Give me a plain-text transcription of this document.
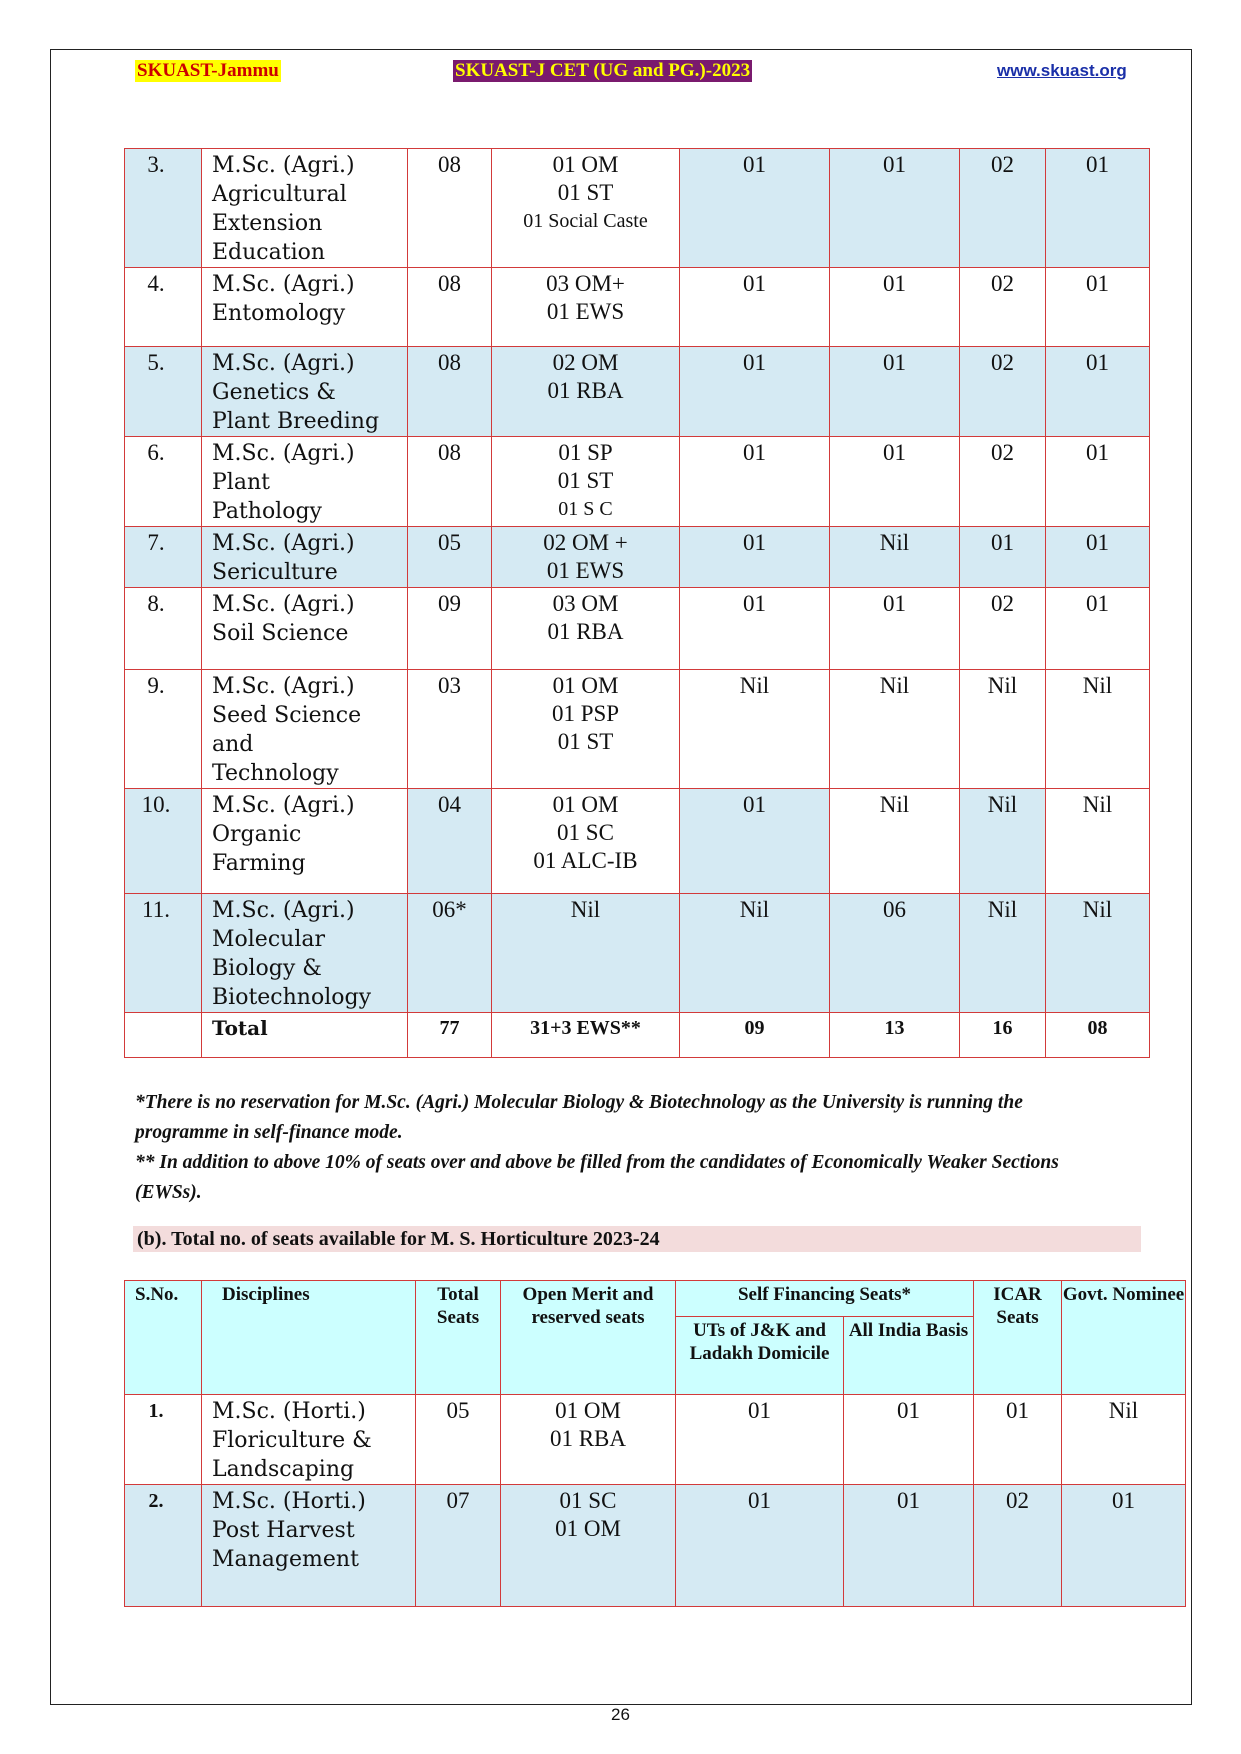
SKUAST-Jammu	SKUAST-J CET (UG and PG.)-2023	www.skuast.org
3.	M.Sc. (Agri.)
Agricultural
Extension
Education	08	01 OM
01 ST
01 Social Caste	01	01	02	01
4.	M.Sc. (Agri.)
Entomology	08	03 OM+
01 EWS	01	01	02	01
5.	M.Sc. (Agri.)
Genetics &
Plant Breeding	08	02 OM
01 RBA	01	01	02	01
6.	M.Sc. (Agri.)
Plant
Pathology	08	01 SP
01 ST
01 S C	01	01	02	01
7.	M.Sc. (Agri.)
Sericulture	05	02 OM +
01 EWS	01	Nil	01	01
8.	M.Sc. (Agri.)
Soil Science	09	03 OM
01 RBA	01	01	02	01
9.	M.Sc. (Agri.)
Seed Science
and
Technology	03	01 OM
01 PSP
01 ST	Nil	Nil	Nil	Nil
10.	M.Sc. (Agri.)
Organic
Farming	04	01 OM
01 SC
01 ALC-IB	01	Nil	Nil	Nil
11.	M.Sc. (Agri.)
Molecular
Biology &
Biotechnology	06*	Nil	Nil	06	Nil	Nil
	Total	77	31+3 EWS**	09	13	16	08

*There is no reservation for M.Sc. (Agri.) Molecular Biology & Biotechnology as the University is running the programme in self-finance mode.

** In addition to above 10% of seats over and above be filled from the candidates of Economically Weaker Sections (EWSs).

(b). Total no. of seats available for M. S. Horticulture 2023-24
S.No.	Disciplines	Total Seats	Open Merit and reserved seats	Self Financing Seats*		ICAR Seats	Govt. Nominee
				UTs of J&K and Ladakh Domicile	All India Basis		
1.	M.Sc. (Horti.)
Floriculture &
Landscaping	05	01 OM
01 RBA	01	01	01	Nil
2.	M.Sc. (Horti.)
Post Harvest
Management	07	01 SC
01 OM	01	01	02	01
26
